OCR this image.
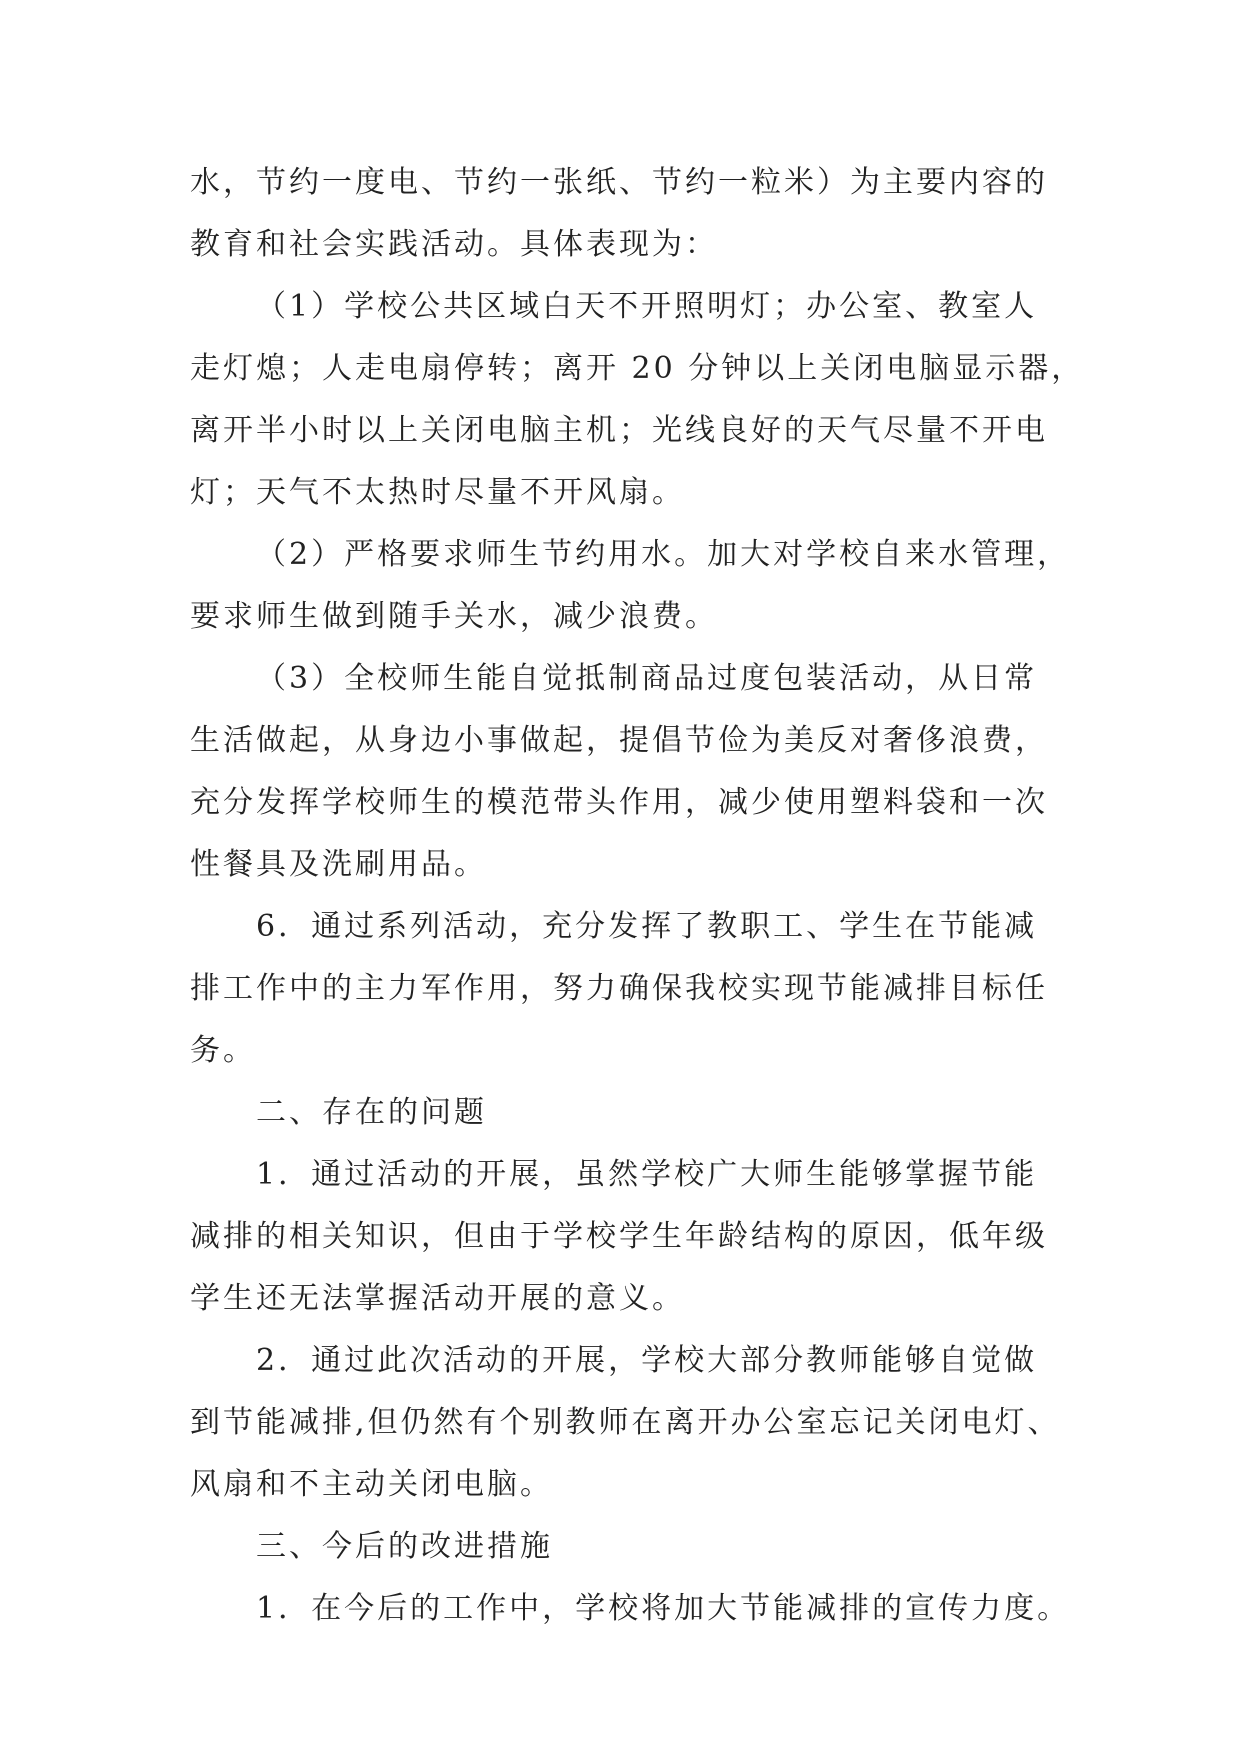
水，节约一度电、节约一张纸、节约一粒米）为主要内容的
教育和社会实践活动。具体表现为：
（1）学校公共区域白天不开照明灯；办公室、教室人
走灯熄；人走电扇停转；离开 20 分钟以上关闭电脑显示器，
离开半小时以上关闭电脑主机；光线良好的天气尽量不开电
灯；天气不太热时尽量不开风扇。
（2）严格要求师生节约用水。加大对学校自来水管理，
要求师生做到随手关水，减少浪费。
（3）全校师生能自觉抵制商品过度包装活动，从日常
生活做起，从身边小事做起，提倡节俭为美反对奢侈浪费，
充分发挥学校师生的模范带头作用，减少使用塑料袋和一次
性餐具及洗刷用品。
6．通过系列活动，充分发挥了教职工、学生在节能减
排工作中的主力军作用，努力确保我校实现节能减排目标任
务。
二、存在的问题
1．通过活动的开展，虽然学校广大师生能够掌握节能
减排的相关知识，但由于学校学生年龄结构的原因，低年级
学生还无法掌握活动开展的意义。
2．通过此次活动的开展，学校大部分教师能够自觉做
到节能减排,但仍然有个别教师在离开办公室忘记关闭电灯、
风扇和不主动关闭电脑。
三、今后的改进措施
1．在今后的工作中，学校将加大节能减排的宣传力度。
